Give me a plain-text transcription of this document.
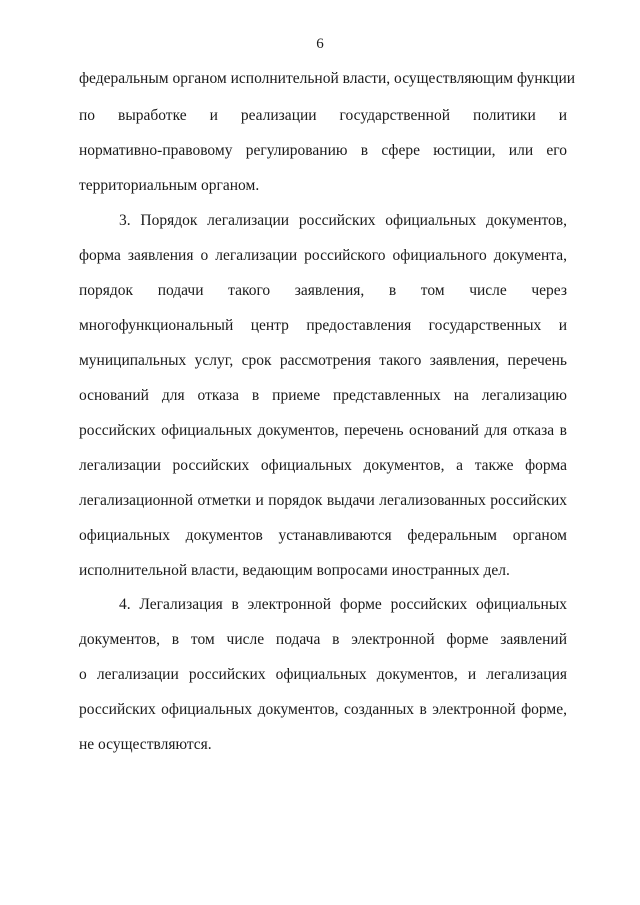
6
федеральным органом исполнительной власти, осуществляющим функции
по выработке и реализации государственной политики и
нормативно-правовому регулированию в сфере юстиции, или его
территориальным органом.
3. Порядок легализации российских официальных документов,
форма заявления о легализации российского официального документа,
порядок подачи такого заявления, в том числе через
многофункциональный центр предоставления государственных и
муниципальных услуг, срок рассмотрения такого заявления, перечень
оснований для отказа в приеме представленных на легализацию
российских официальных документов, перечень оснований для отказа в
легализации российских официальных документов, а также форма
легализационной отметки и порядок выдачи легализованных российских
официальных документов устанавливаются федеральным органом
исполнительной власти, ведающим вопросами иностранных дел.
4. Легализация в электронной форме российских официальных
документов, в том числе подача в электронной форме заявлений
о легализации российских официальных документов, и легализация
российских официальных документов, созданных в электронной форме,
не осуществляются.
